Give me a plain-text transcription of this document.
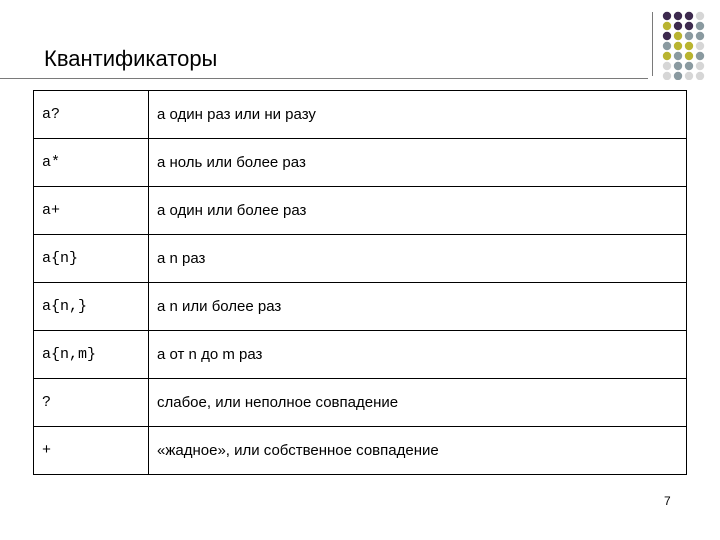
Квантификаторы
a?	a один раз или ни разу
a*	a ноль или более раз
a+	a один или более раз
a{n}	a n раз
a{n,}	a n или более раз
a{n,m}	a от n до m раз
?	слабое, или неполное совпадение
+	«жадное», или собственное совпадение
7
